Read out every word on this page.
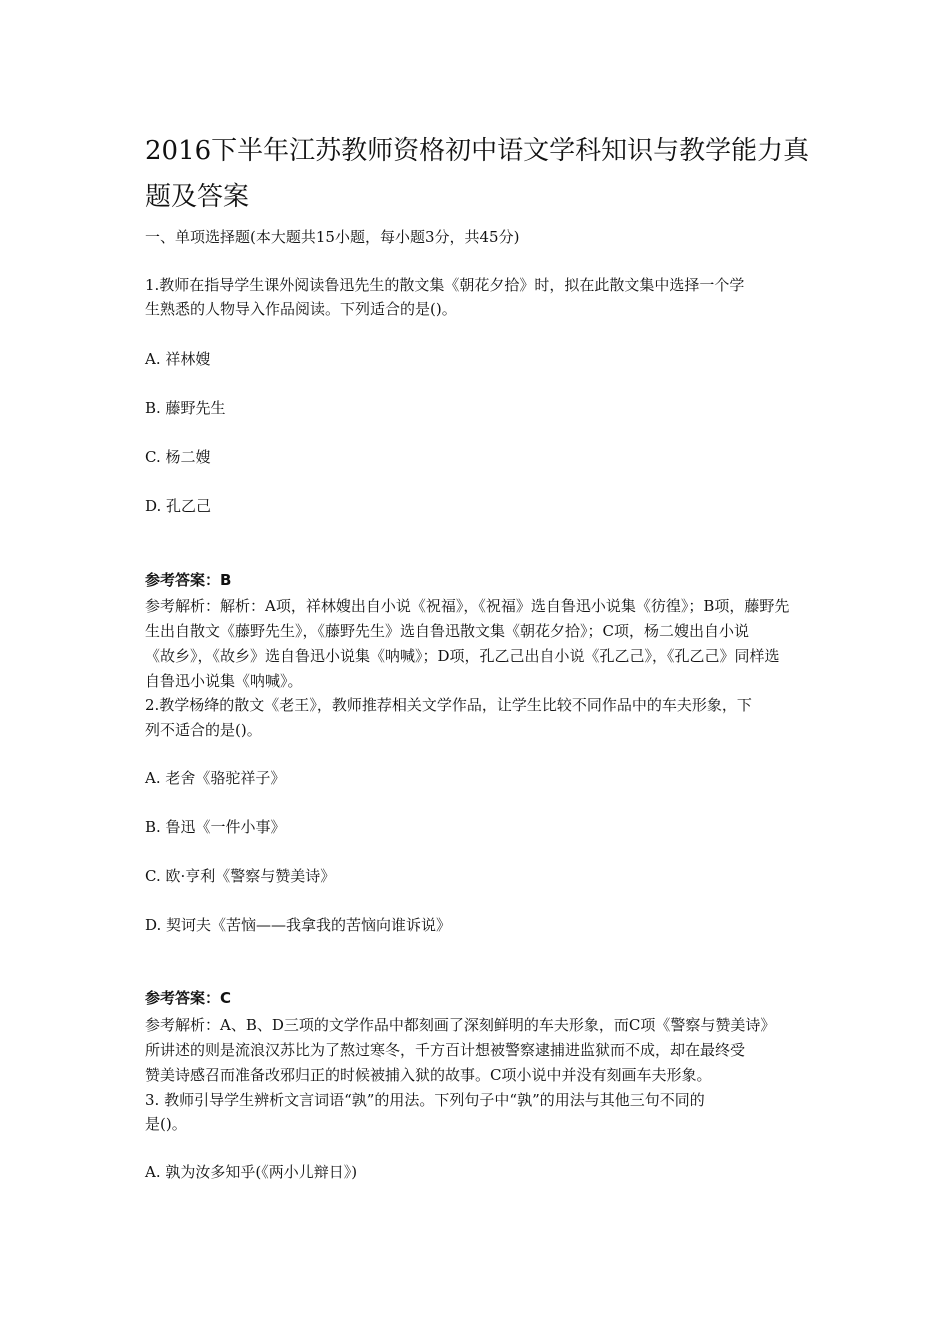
2016下半年江苏教师资格初中语文学科知识与教学能力真
题及答案
一、单项选择题(本大题共15小题，每小题3分，共45分)
1.教师在指导学生课外阅读鲁迅先生的散文集《朝花夕拾》时，拟在此散文集中选择一个学
生熟悉的人物导入作品阅读。下列适合的是()。
A. 祥林嫂
B. 藤野先生
C. 杨二嫂
D. 孔乙己
参考答案：B
参考解析：解析：A项，祥林嫂出自小说《祝福》，《祝福》选自鲁迅小说集《彷徨》；B项，藤野先
生出自散文《藤野先生》，《藤野先生》选自鲁迅散文集《朝花夕拾》；C项，杨二嫂出自小说
《故乡》，《故乡》选自鲁迅小说集《呐喊》；D项，孔乙己出自小说《孔乙己》，《孔乙己》同样选
自鲁迅小说集《呐喊》。
2.教学杨绛的散文《老王》，教师推荐相关文学作品，让学生比较不同作品中的车夫形象，下
列不适合的是()。
A. 老舍《骆驼祥子》
B. 鲁迅《一件小事》
C. 欧·亨利《警察与赞美诗》
D. 契诃夫《苦恼——我拿我的苦恼向谁诉说》
参考答案：C
参考解析：A、B、D三项的文学作品中都刻画了深刻鲜明的车夫形象，而C项《警察与赞美诗》
所讲述的则是流浪汉苏比为了熬过寒冬，千方百计想被警察逮捕进监狱而不成，却在最终受
赞美诗感召而准备改邪归正的时候被捕入狱的故事。C项小说中并没有刻画车夫形象。
3. 教师引导学生辨析文言词语“孰”的用法。下列句子中“孰”的用法与其他三句不同的
是()。
A. 孰为汝多知乎(《两小儿辩日》)
